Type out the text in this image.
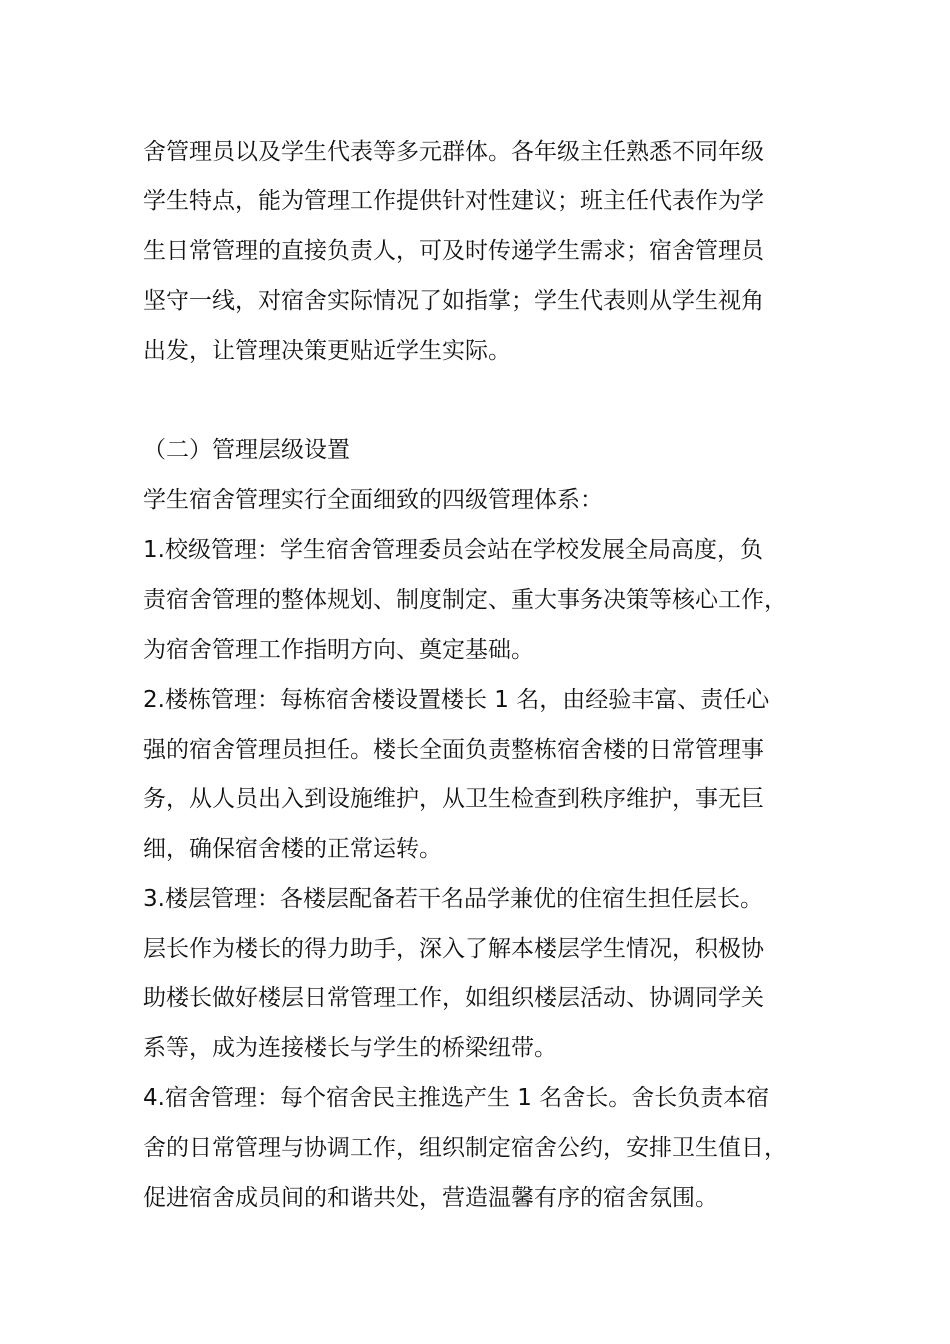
舍管理员以及学生代表等多元群体。各年级主任熟悉不同年级
学生特点，能为管理工作提供针对性建议；班主任代表作为学
生日常管理的直接负责人，可及时传递学生需求；宿舍管理员
坚守一线，对宿舍实际情况了如指掌；学生代表则从学生视角
出发，让管理决策更贴近学生实际。
（二）管理层级设置
学生宿舍管理实行全面细致的四级管理体系：
1.校级管理：学生宿舍管理委员会站在学校发展全局高度，负
责宿舍管理的整体规划、制度制定、重大事务决策等核心工作，
为宿舍管理工作指明方向、奠定基础。
2.楼栋管理：每栋宿舍楼设置楼长 1 名，由经验丰富、责任心
强的宿舍管理员担任。楼长全面负责整栋宿舍楼的日常管理事
务，从人员出入到设施维护，从卫生检查到秩序维护，事无巨
细，确保宿舍楼的正常运转。
3.楼层管理：各楼层配备若干名品学兼优的住宿生担任层长。
层长作为楼长的得力助手，深入了解本楼层学生情况，积极协
助楼长做好楼层日常管理工作，如组织楼层活动、协调同学关
系等，成为连接楼长与学生的桥梁纽带。
4.宿舍管理：每个宿舍民主推选产生 1 名舍长。舍长负责本宿
舍的日常管理与协调工作，组织制定宿舍公约，安排卫生值日，
促进宿舍成员间的和谐共处，营造温馨有序的宿舍氛围。
